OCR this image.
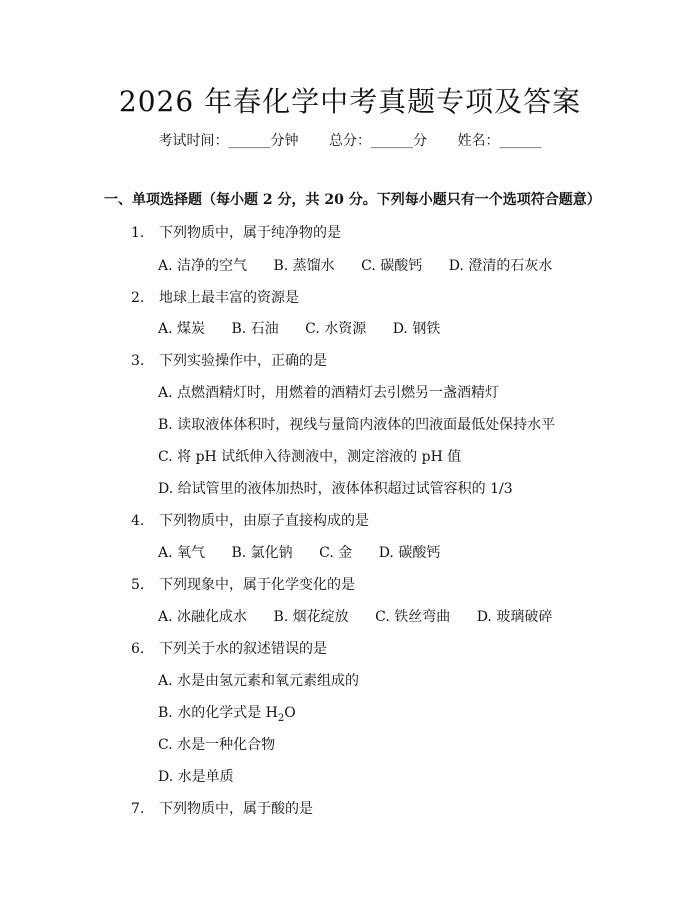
2026 年春化学中考真题专项及答案
考试时间：______分钟 总分：______分 姓名：______
一、单项选择题（每小题 2 分，共 20 分。下列每小题只有一个选项符合题意）
1. 下列物质中，属于纯净物的是
A. 洁净的空气 B. 蒸馏水 C. 碳酸钙 D. 澄清的石灰水
2. 地球上最丰富的资源是
A. 煤炭 B. 石油 C. 水资源 D. 钢铁
3. 下列实验操作中，正确的是
A. 点燃酒精灯时，用燃着的酒精灯去引燃另一盏酒精灯
B. 读取液体体积时，视线与量筒内液体的凹液面最低处保持水平
C. 将 pH 试纸伸入待测液中，测定溶液的 pH 值
D. 给试管里的液体加热时，液体体积超过试管容积的 1/3
4. 下列物质中，由原子直接构成的是
A. 氧气 B. 氯化钠 C. 金 D. 碳酸钙
5. 下列现象中，属于化学变化的是
A. 冰融化成水 B. 烟花绽放 C. 铁丝弯曲 D. 玻璃破碎
6. 下列关于水的叙述错误的是
A. 水是由氢元素和氧元素组成的
B. 水的化学式是 $H_2O$
C. 水是一种化合物
D. 水是单质
7. 下列物质中，属于酸的是
